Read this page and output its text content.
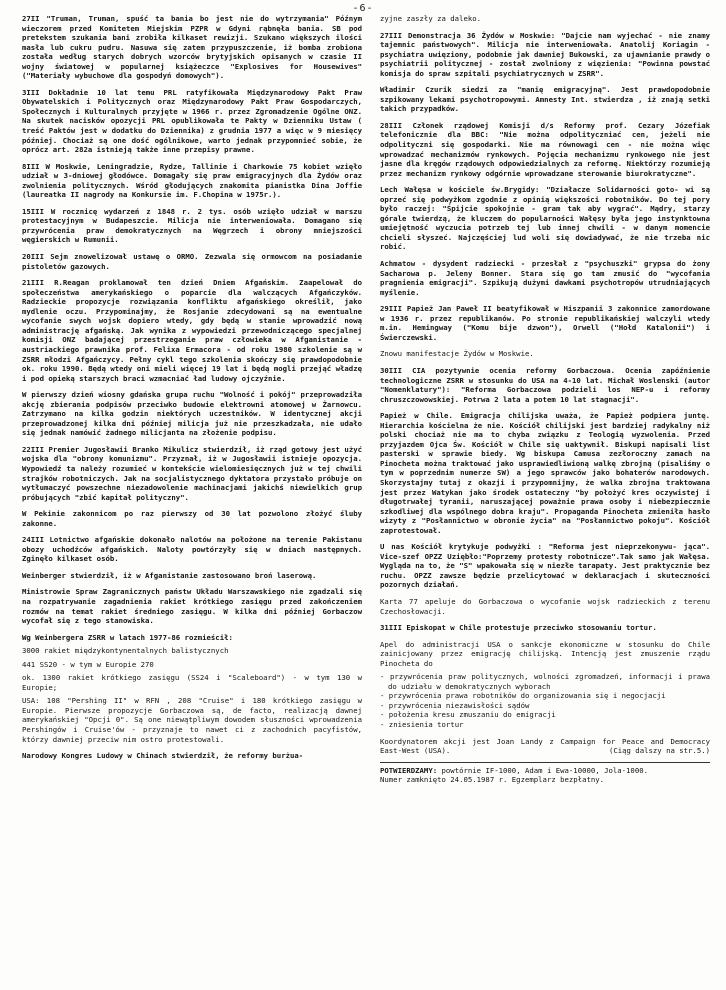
-6-

27II "Truman, Truman, spuść ta bania bo jest nie do wytrzymania" Późnym wieczorem przed Komitetem Miejskim PZPR w Gdyni rąbnęła bania. SB pod pretekstem szukania bani zrobiła kilkaset rewizji. Szukano większych ilości masła lub cukru pudru. Nasuwa się zatem przypuszczenie, iż bomba zrobiona została według starych dobrych wzorców brytyjskich opisanych w czasie II wojny światowej w popularnej książeczce "Explosives for Housewives" ("Materiały wybuchowe dla gospodyń domowych").

3III Dokładnie 10 lat temu PRL ratyfikowała Międzynarodowy Pakt Praw Obywatelskich i Politycznych oraz Międzynarodowy Pakt Praw Gospodarczych, Społecznych i Kulturalnych przyjęte w 1966 r. przez Zgromadzenie Ogólne ONZ. Na skutek nacisków opozycji PRL opublikowała te Pakty w Dzienniku Ustaw ( treść Paktów jest w dodatku do Dziennika) z grudnia 1977 a więc w 9 miesięcy później. Chociaż są one dość ogólnikowe, warto jednak przypomnieć sobie, że oprócz art. 282a istnieją także inne przepisy prawne.

8III W Moskwie, Leningradzie, Rydze, Tallinie i Charkowie 75 kobiet wzięło udział w 3-dniowej głodówce. Domagały się praw emigracyjnych dla Żydów oraz zwolnienia politycznych. Wśród głodujących znakomita pianistka Dina Joffie (laureatka II nagrody na Konkursie im. F.Chopina w 1975r.).

15III W rocznicę wydarzeń z 1848 r. 2 tys. osób wzięło udział w marszu protestacyjnym w Budapeszcie. Milicja nie interweniowała. Domagano się przywrócenia praw demokratycznych na Węgrzech i obrony mniejszości węgierskich w Rumunii.

20III Sejm znowelizował ustawę o ORMO. Zezwala się ormowcom na posiadanie pistoletów gazowych.

21III R.Reagan proklamował ten dzień Dniem Afgańskim. Zaapelował do społeczeństwa amerykańskiego o poparcie dla walczących Afgańczyków. Radzieckie propozycje rozwiązania konfliktu afgańskiego określił, jako mydlenie oczu. Przypominajmy, że Rosjanie zdecydowani są na ewentualne wycofanie swych wojsk dopiero wtedy, gdy będą w stanie wprowadzić nową administrację afgańską. Jak wynika z wypowiedzi przewodniczącego specjalnej komisji ONZ badającej przestrzeganie praw człowieka w Afganistanie - austriackiego prawnika prof. Felixa Ermacora - od roku 1980 szkolenie są w ZSRR młodzi Afgańczycy. Pełny cykl tego szkolenia skończy się prawdopodobnie ok. roku 1990. Będą wtedy oni mieli więcej 19 lat i będą mogli przejąć władzę i pod opieką starszych braci wzmacniać ład ludowy ojczyźnie.

W pierwszy dzień wiosny gdańska grupa ruchu "Wolność i pokój" przeprowadziła akcję zbierania podpisów przeciwko budowie elektrowni atomowej w Żarnowcu. Zatrzymano na kilka godzin niektórych uczestników. W identycznej akcji przeprowadzonej kilka dni później milicja już nie przeszkadzała, nie udało się jednak namówić żadnego milicjanta na złożenie podpisu.

22III Premier Jugosławii Branko Mikulicz stwierdził, iż rząd gotowy jest użyć wojska dla "obrony komunizmu". Przyznał, iż w Jugosławii istnieje opozycja. Wypowiedź ta należy rozumieć w kontekście wielomiesięcznych już w tej chwili strajków robotniczych. Jak na socjalistycznego dyktatora przystało próbuje on wytłumaczyć powszechne niezadowolenie machinacjami jakichś niewielkich grup próbujących "zbić kapitał polityczny".

W Pekinie zakonnicom po raz pierwszy od 30 lat pozwolono złożyć śluby zakonne.

24III Lotnictwo afgańskie dokonało nalotów na położone na terenie Pakistanu obozy uchodźców afgańskich. Naloty powtórzyły się w dniach następnych. Zginęło kilkaset osób.

Weinberger stwierdził, iż w Afganistanie zastosowano broń laserową.

Ministrowie Spraw Zagranicznych państw Układu Warszawskiego nie zgadzali się na rozpatrywanie zagadnienia rakiet krótkiego zasięgu przed zakończeniem rozmów na temat rakiet średniego zasięgu. W kilka dni później Gorbaczow wycofał się z tego stanowiska.

Wg Weinbergera ZSRR w latach 1977-86 rozmieścił:

3000 rakiet międzykontynentalnych balistycznych

441 SS20 - w tym w Europie 270

ok. 1300 rakiet krótkiego zasięgu (SS24 i "Scaleboard") - w tym 130 w Europie;

USA: 108 "Pershing II" w RFN , 208 "Cruise" i 180 krótkiego zasięgu w Europie. Pierwsze propozycje Gorbaczowa są, de facto, realizacją dawnej amerykańskiej "Opcji 0". Są one niewątpliwym dowodem słuszności wprowadzenia Pershingów i Cruise'ów - przyznaje to nawet ci z zachodnich pacyfistów, którzy dawniej przeciw nim ostro protestowali.

Narodowy Kongres Ludowy w Chinach stwierdził, że reformy burżua-

zyjne zaszły za daleko.

27III Demonstracja 36 Żydów w Moskwie: "Dajcie nam wyjechać - nie znamy tajemnic państwowych". Milicja nie interweniowała. Anatolij Koriagin - psychiatra uwięziony, podobnie jak dawniej Bukowski, za ujawnianie prawdy o psychiatrii politycznej - został zwolniony z więzienia: "Powinna powstać komisja do spraw szpitali psychiatrycznych w ZSRR".

Władimir Czurik siedzi za "manię emigracyjną". Jest prawdopodobnie szpikowany lekami psychotropowymi. Amnesty Int. stwierdza , iż znają setki takich przypadków.

28III Członek rządowej Komisji d/s Reformy prof. Cezary Józefiak telefonicznie dla BBC: "Nie można odpolityczniać cen, jeżeli nie odpolityczni się gospodarki. Nie ma równowagi cen - nie można więc wprowadzać mechanizmów rynkowych. Pojęcia mechanizmu rynkowego nie jest jasne dla kręgów rządowych odpowiedzialnych za reformę. Niektórzy rozumieją przez mechanizm rynkowy odgórnie wprowadzane sterowanie biurokratyczne".

Lech Wałęsa w kościele św.Brygidy: "Działacze Solidarności goto- wi są oprzeć się podwyżkom zgodnie z opinią większości robotników. Do tej pory było raczej: "Śpijcie spokojnie - gram tak aby wygrać". Mądry, starzy górale twierdzą, że kluczem do popularności Wałęsy była jego instynktowna umiejętność wyczucia potrzeb tej lub innej chwili - w danym momencie chcieli słyszeć. Najczęściej lud woli się dowiadywać, że nie trzeba nic robić.

Achmatow - dysydent radziecki - przesłał z "psychuszki" grypsa do żony Sacharowa p. Jeleny Bonner. Stara się go tam zmusić do "wycofania pragnienia emigracji". Szpikują dużymi dawkami psychotropów utrudniających myślenie.

29III Papież Jan Paweł II beatyfikował w Hiszpanii 3 zakonnice zamordowane w 1936 r. przez republikanów. Po stronie republikańskiej walczyli wtedy m.in. Hemingway ("Komu bije dzwon"), Orwell ("Hołd Katalonii") i Świerczewski.

Znowu manifestacje Żydów w Moskwie.

30III CIA pozytywnie ocenia reformy Gorbaczowa. Ocenia zapóźnienie technologiczne ZSRR w stosunku do USA na 4-10 lat. Michał Woslenski (autor "Nomenklatury"): "Reforma Gorbaczowa podzieli los NEP-u i reformy chruszczowowskiej. Potrwa 2 lata a potem 10 lat stagnacji".

Papież w Chile. Emigracja chilijska uważa, że Papież podpiera juntę. Hierarchia kościelna że nie. Kościół chilijski jest bardziej radykalny niż polski chociaż nie ma to chyba związku z Teologią wyzwolenia. Przed przyjazdem Ojca Św. Kościół w Chile się uaktywnił. Biskupi napisali list pasterski w sprawie biedy. Wg biskupa Camusa zezłoroczny zamach na Pinocheta można traktować jako usprawiedliwioną walkę zbrojną (pisaliśmy o tym w poprzednim numerze SW) a jego sprawców jako bohaterów narodowych. Skorzystajmy tutaj z okazji i przypomnijmy, że walka zbrojna traktowana jest przez Watykan jako środek ostateczny "by położyć kres oczywistej i długotrwałej tyranii, naruszającej poważnie prawa osoby i niebezpiecznie szkodliwej dla wspólnego dobra kraju". Propaganda Pinocheta zmieniła hasło wizyty z "Posłannictwo w obronie życia" na "Posłannictwo pokoju". Kościół zaprotestował.

U nas Kościół krytykuje podwyżki : "Reforma jest nieprzekonywu- jąca". Vice-szef OPZZ Uziębło:"Poprzemy protesty robotnicze".Tak samo jak Wałęsa. Wygląda na to, że "S" wpakowała się w niezłe tarapaty. Jest praktycznie bez ruchu. OPZZ zawsze będzie przelicytować w deklaracjach i skuteczności pozornych działań.

Karta 77 apeluje do Gorbaczowa o wycofanie wojsk radzieckich z terenu Czechosłowacji.

31III Episkopat w Chile protestuje przeciwko stosowaniu tortur.

Apel do administracji USA o sankcje ekonomiczne w stosunku do Chile zainicjowany przez emigrację chilijską. Intencją jest zmuszenie rządu Pinocheta do

- przywrócenia praw politycznych, wolności zgromadzeń, informacji i prawa do udziału w demokratycznych wyborach
- przywrócenia prawa robotników do organizowania się i negocjacji
- przywrócenia niezawisłości sądów
- położenia kresu zmuszaniu do emigracji
- zniesienia tortur

Koordynatorem akcji jest Joan Landy z Campaign for Peace and Democracy East-West (USA).	(Ciąg dalszy na str.5.)

POTWIERDZAMY: powtórnie IF-1000, Adam i Ewa-10000, Jola-1000.

Numer zamknięto 24.05.1987 r. Egzemplarz bezpłatny.
